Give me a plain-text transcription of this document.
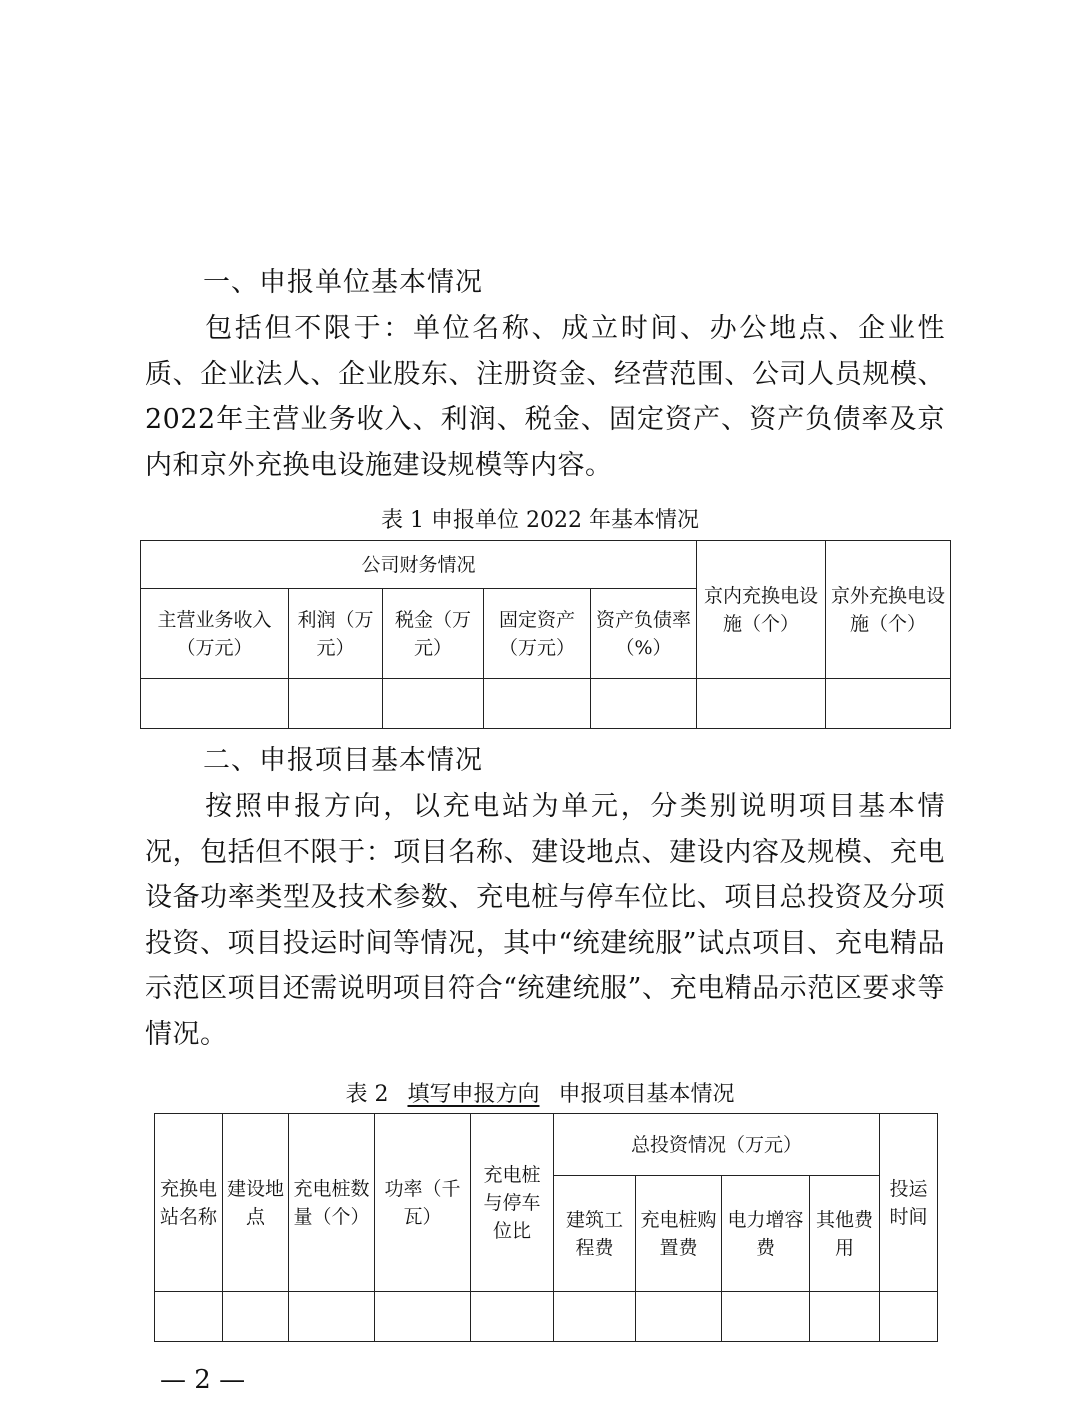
一、申报单位基本情况

包括但不限于：单位名称、成立时间、办公地点、企业性质、企业法人、企业股东、注册资金、经营范围、公司人员规模、2022年主营业务收入、利润、税金、固定资产、资产负债率及京内和京外充换电设施建设规模等内容。

表 1 申报单位 2022 年基本情况
公司财务情况					京内充换电设施（个）	京外充换电设施（个）
主营业务收入（万元）	利润（万元）	税金（万元）	固定资产（万元）	资产负债率（%）		

二、申报项目基本情况

按照申报方向，以充电站为单元，分类别说明项目基本情况，包括但不限于：项目名称、建设地点、建设内容及规模、充电设备功率类型及技术参数、充电桩与停车位比、项目总投资及分项投资、项目投运时间等情况，其中“统建统服”试点项目、充电精品示范区项目还需说明项目符合“统建统服”、充电精品示范区要求等情况。

表 2 填写申报方向 申报项目基本情况
充换电站名称	建设地点	充电桩数量（个）	功率（千瓦）	充电桩与停车位比	总投资情况（万元）				投运时间
					建筑工程费	充电桩购置费	电力增容费	其他费用	

— 2 —
